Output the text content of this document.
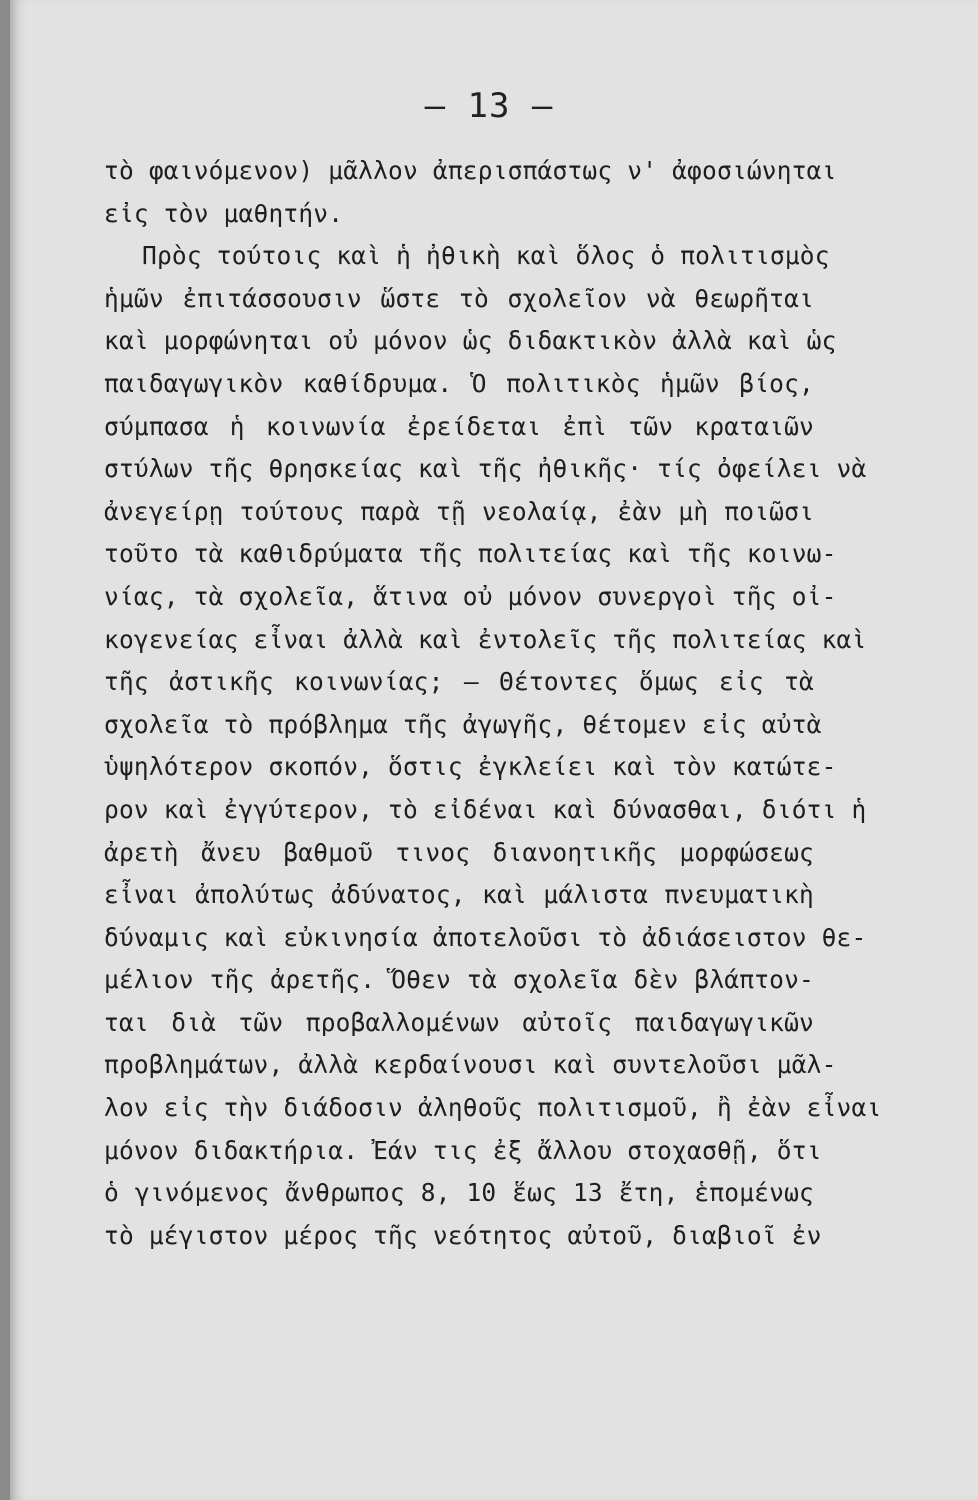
— 13 —
τὸ φαινόμενον) μᾶλλον ἀπερισπάστως ν' ἀφοσιώνηται
εἰς τὸν μαθητήν.
Πρὸς τούτοις καὶ ἡ ἠθικὴ καὶ ὅλος ὁ πολιτισμὸς
ἡμῶν ἐπιτάσσουσιν ὥστε τὸ σχολεῖον νὰ θεωρῆται
καὶ μορφώνηται οὐ μόνον ὡς διδακτικὸν ἀλλὰ καὶ ὡς
παιδαγωγικὸν καθίδρυμα. Ὁ πολιτικὸς ἡμῶν βίος,
σύμπασα ἡ κοινωνία ἐρείδεται ἐπὶ τῶν κραταιῶν
στύλων τῆς θρησκείας καὶ τῆς ἠθικῆς· τίς ὀφείλει νὰ
ἀνεγείρῃ τούτους παρὰ τῇ νεολαίᾳ, ἐὰν μὴ ποιῶσι
τοῦτο τὰ καθιδρύματα τῆς πολιτείας καὶ τῆς κοινω-
νίας, τὰ σχολεῖα, ἅτινα οὐ μόνον συνεργοὶ τῆς οἰ-
κογενείας εἶναι ἀλλὰ καὶ ἐντολεῖς τῆς πολιτείας καὶ
τῆς ἀστικῆς κοινωνίας; — Θέτοντες ὅμως εἰς τὰ
σχολεῖα τὸ πρόβλημα τῆς ἀγωγῆς, θέτομεν εἰς αὐτὰ
ὑψηλότερον σκοπόν, ὅστις ἐγκλείει καὶ τὸν κατώτε-
ρον καὶ ἐγγύτερον, τὸ εἰδέναι καὶ δύνασθαι, διότι ἡ
ἀρετὴ ἄνευ βαθμοῦ τινος διανοητικῆς μορφώσεως
εἶναι ἀπολύτως ἀδύνατος, καὶ μάλιστα πνευματικὴ
δύναμις καὶ εὐκινησία ἀποτελοῦσι τὸ ἀδιάσειστον θε-
μέλιον τῆς ἀρετῆς. Ὅθεν τὰ σχολεῖα δὲν βλάπτον-
ται διὰ τῶν προβαλλομένων αὐτοῖς παιδαγωγικῶν
προβλημάτων, ἀλλὰ κερδαίνουσι καὶ συντελοῦσι μᾶλ-
λον εἰς τὴν διάδοσιν ἀληθοῦς πολιτισμοῦ, ἢ ἐὰν εἶναι
μόνον διδακτήρια. Ἐάν τις ἐξ ἄλλου στοχασθῇ, ὅτι
ὁ γινόμενος ἄνθρωπος 8, 10 ἕως 13 ἔτη, ἑπομένως
τὸ μέγιστον μέρος τῆς νεότητος αὐτοῦ, διαβιοῖ ἐν
